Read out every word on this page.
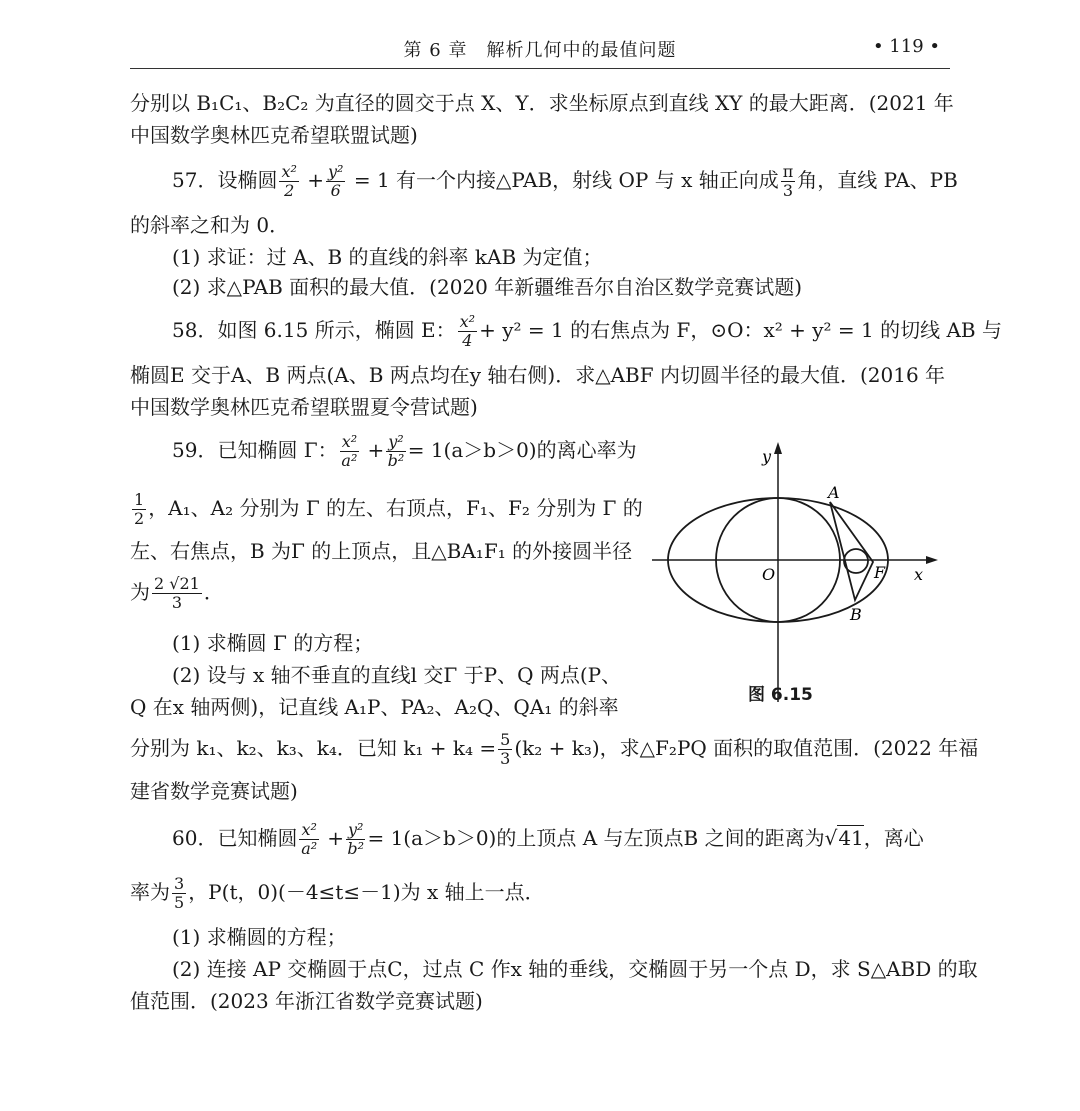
第 6 章　解析几何中的最值问题	• 119 •
分别以 B₁C₁、B₂C₂ 为直径的圆交于点 X、Y．求坐标原点到直线 XY 的最大距离．(2021 年
中国数学奥林匹克希望联盟试题)
57．设椭圆 $\frac{\text{x²}}{2} + \frac{\text{y²}}{6} = 1$ 有一个内接△PAB，射线 OP 与 x 轴正向成 $\frac{\pi}{3}$ 角，直线 PA、PB
的斜率之和为 0．
(1) 求证：过 A、B 的直线的斜率 kAB 为定值；
(2) 求△PAB 面积的最大值．(2020 年新疆维吾尔自治区数学竞赛试题)
58．如图 6.15 所示，椭圆 E： $\frac{\text{x²}}{4} + y^2 = 1$ 的右焦点为 F，⊙O：x² + y² = 1 的切线 AB 与
椭圆E 交于A、B 两点(A、B 两点均在y 轴右侧)．求△ABF 内切圆半径的最大值．(2016 年
中国数学奥林匹克希望联盟夏令营试题)
59．已知椭圆 Γ： $\frac{\text{x²}}{\text{a²}} + \frac{\text{y²}}{\text{b²}} = 1(a>b>0)$的离心率为
$\frac{1}{2}$ ，A₁、A₂ 分别为 Γ 的左、右顶点，F₁、F₂ 分别为 Γ 的
左、右焦点，B 为Γ 的上顶点，且△BA₁F₁ 的外接圆半径
为 $\frac{2 √21}{3}$ ．
(1) 求椭圆 Γ 的方程；
(2) 设与 x 轴不垂直的直线l 交Γ 于P、Q 两点(P、
Q 在x 轴两侧)，记直线 A₁P、PA₂、A₂Q、QA₁ 的斜率
分别为 k₁、k₂、k₃、k₄．已知 $k_1 + k_4 = \frac{5}{3} (k_2 + k_3)$，求△F₂PQ 面积的取值范围．(2022 年福
建省数学竞赛试题)
y
x
O
A
B
F
图 6.15
60．已知椭圆 $\frac{\text{x²}}{\text{a²}} + \frac{\text{y²}}{\text{b²}} = 1(a>b>0)$的上顶点 A 与左顶点B 之间的距离为√41，离心
率为 $\frac{3}{5}$ ，P(t，0)(－4≤t≤－1)为 x 轴上一点．
(1) 求椭圆的方程；
(2) 连接 AP 交椭圆于点C，过点 C 作x 轴的垂线，交椭圆于另一个点 D，求 S△ABD 的取
值范围．(2023 年浙江省数学竞赛试题)
